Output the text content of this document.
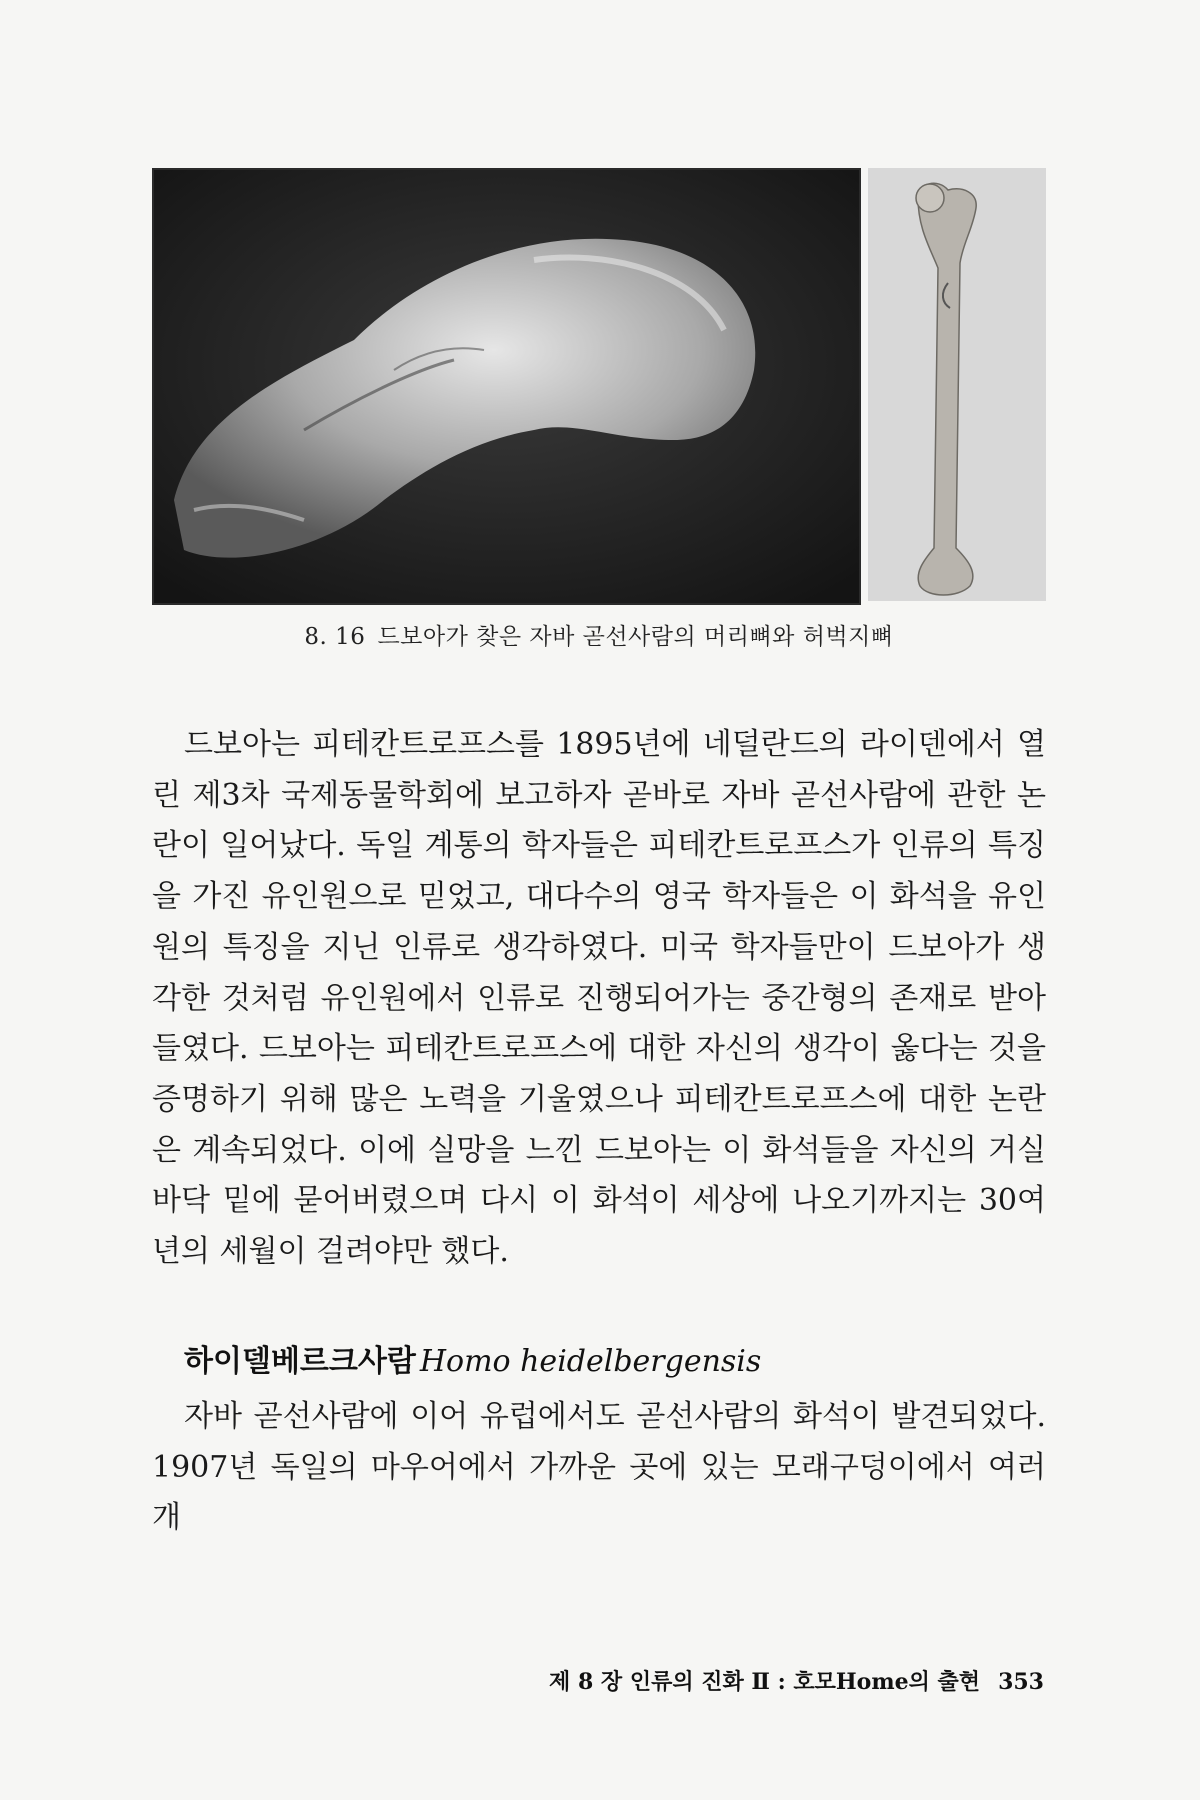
8. 16 드보아가 찾은 자바 곧선사람의 머리뼈와 허벅지뼈
드보아는 피테칸트로프스를 1895년에 네덜란드의 라이덴에서 열린 제3차 국제동물학회에 보고하자 곧바로 자바 곧선사람에 관한 논란이 일어났다. 독일 계통의 학자들은 피테칸트로프스가 인류의 특징을 가진 유인원으로 믿었고, 대다수의 영국 학자들은 이 화석을 유인원의 특징을 지닌 인류로 생각하였다. 미국 학자들만이 드보아가 생각한 것처럼 유인원에서 인류로 진행되어가는 중간형의 존재로 받아들였다. 드보아는 피테칸트로프스에 대한 자신의 생각이 옳다는 것을 증명하기 위해 많은 노력을 기울였으나 피테칸트로프스에 대한 논란은 계속되었다. 이에 실망을 느낀 드보아는 이 화석들을 자신의 거실 바닥 밑에 묻어버렸으며 다시 이 화석이 세상에 나오기까지는 30여 년의 세월이 걸려야만 했다.
하이델베르크사람 Homo heidelbergensis
자바 곧선사람에 이어 유럽에서도 곧선사람의 화석이 발견되었다. 1907년 독일의 마우어에서 가까운 곳에 있는 모래구덩이에서 여러 개
제 8 장 인류의 진화 Ⅱ : 호모Home의 출현 353
